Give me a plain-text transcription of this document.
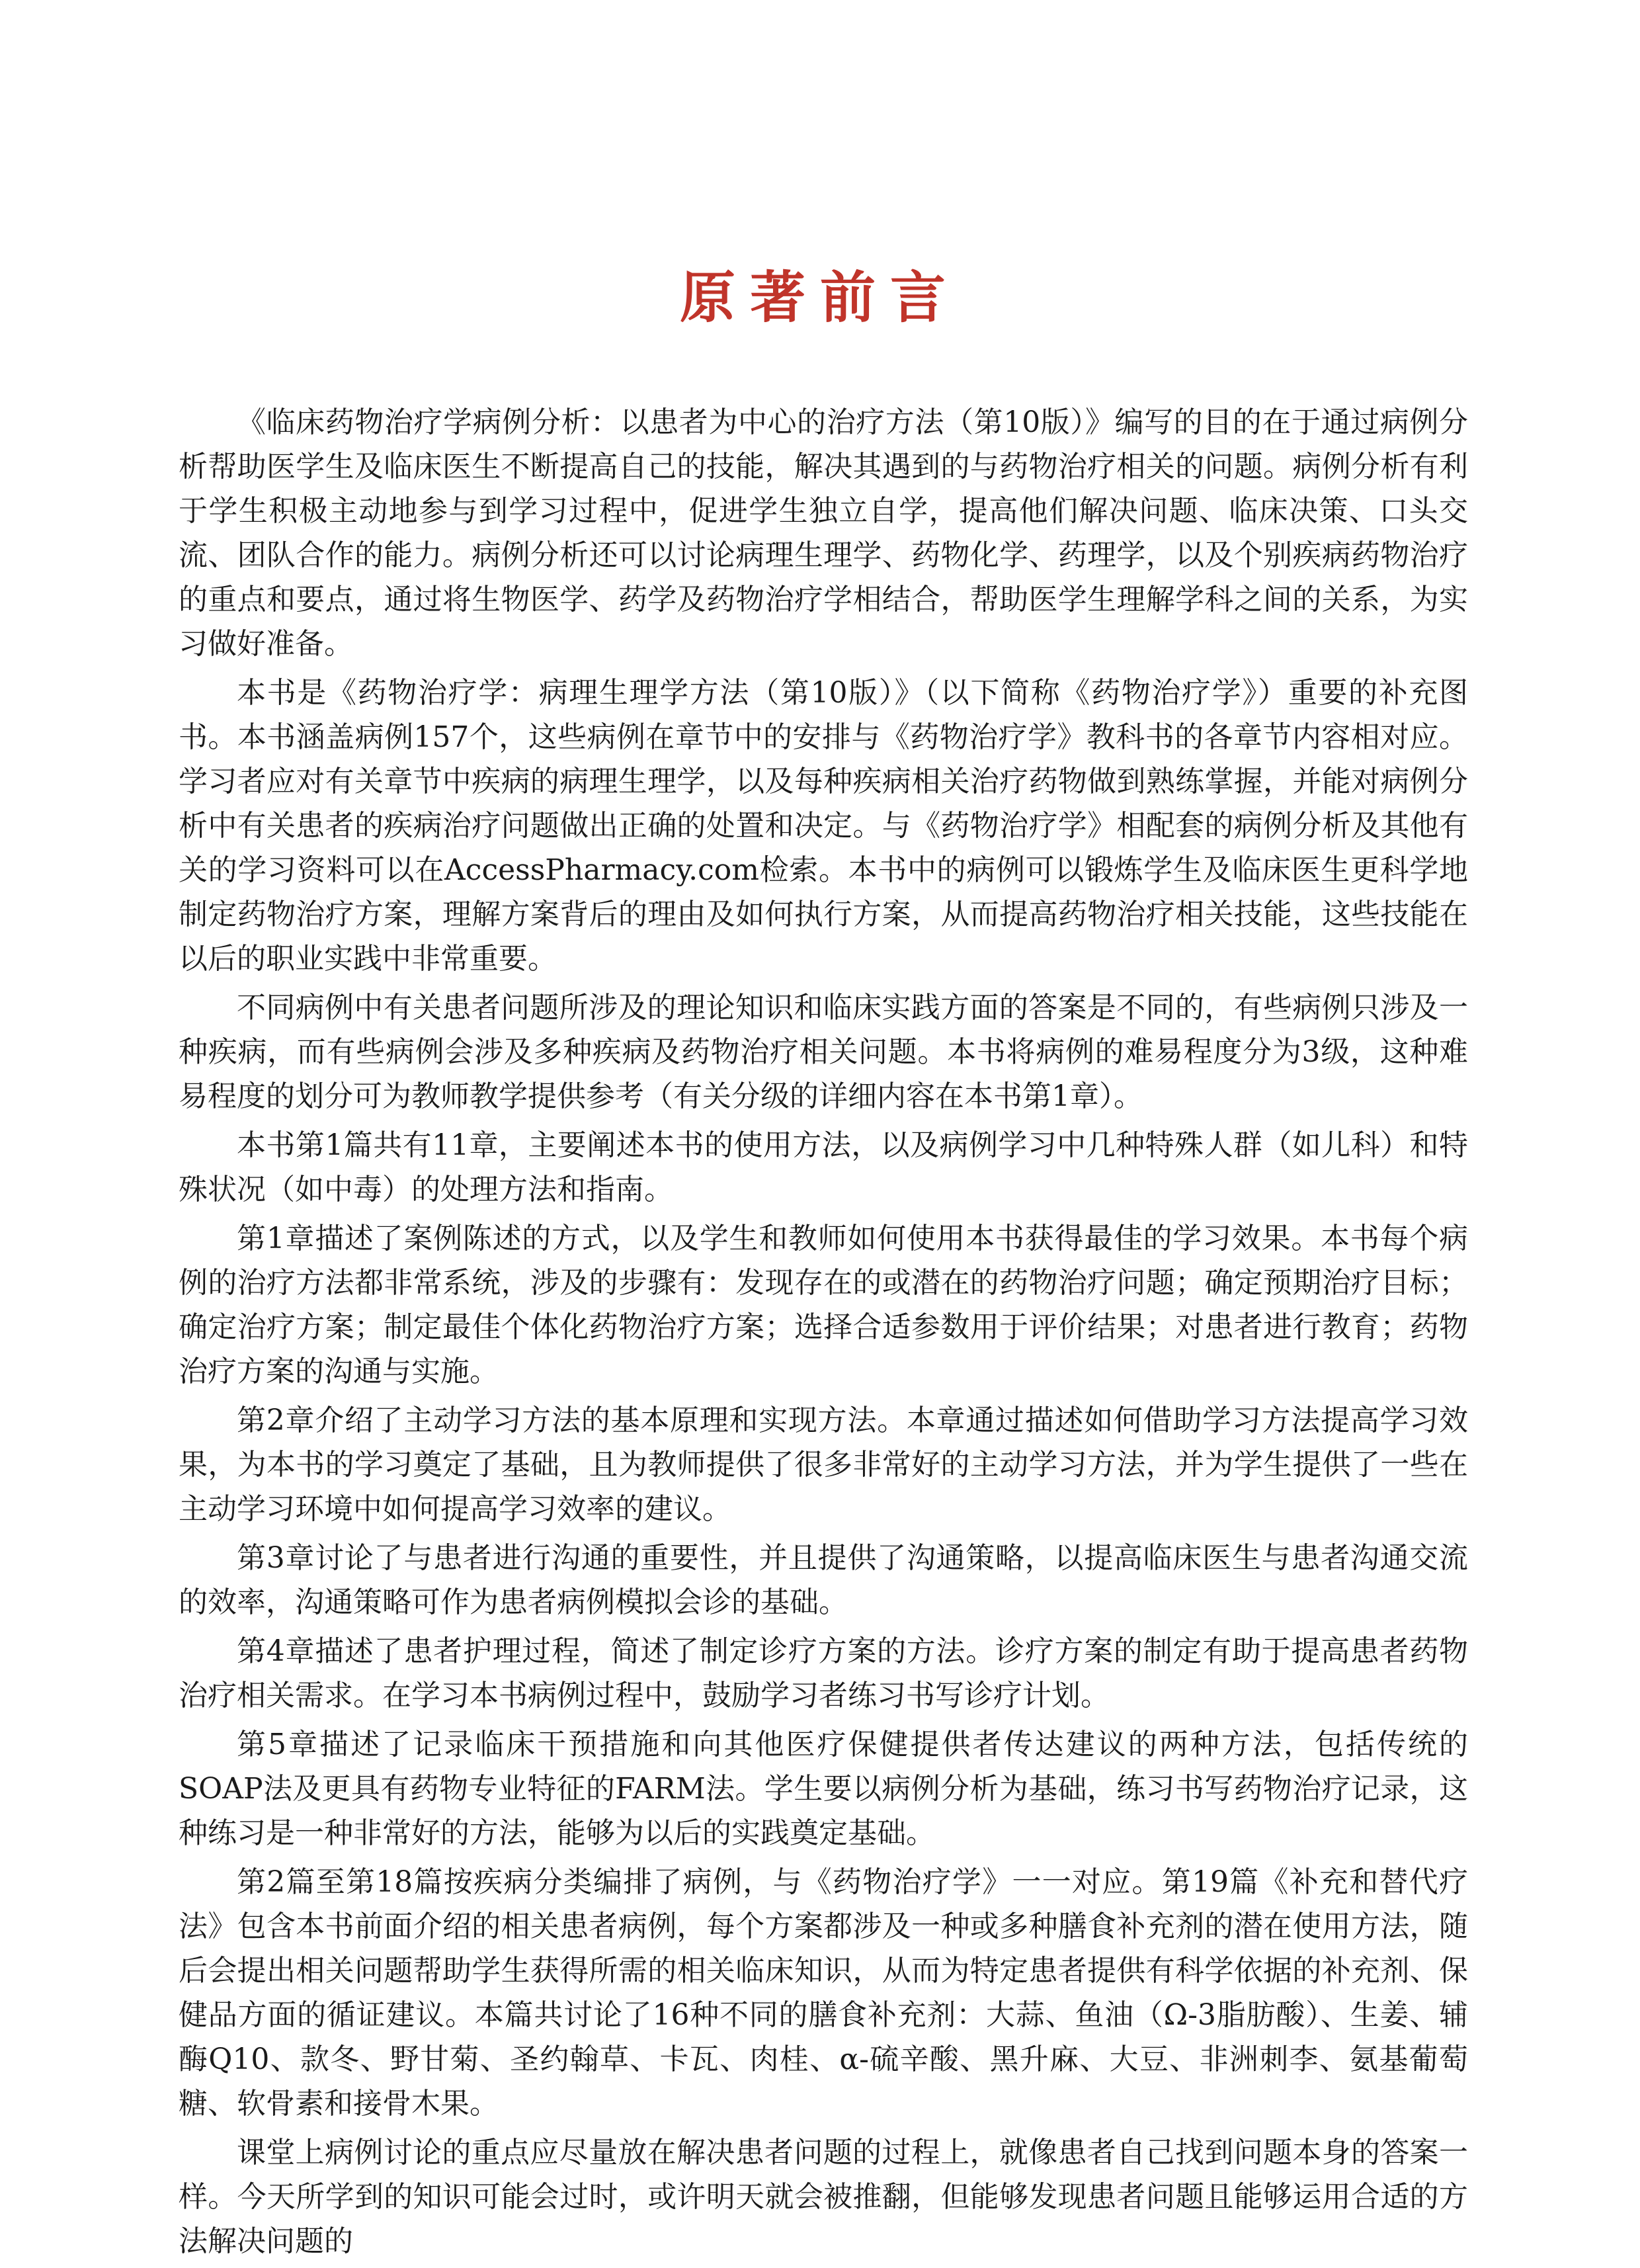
原著前言

《临床药物治疗学病例分析：以患者为中心的治疗方法（第10版）》编写的目的在于通过病例分析帮助医学生及临床医生不断提高自己的技能，解决其遇到的与药物治疗相关的问题。病例分析有利于学生积极主动地参与到学习过程中，促进学生独立自学，提高他们解决问题、临床决策、口头交流、团队合作的能力。病例分析还可以讨论病理生理学、药物化学、药理学，以及个别疾病药物治疗的重点和要点，通过将生物医学、药学及药物治疗学相结合，帮助医学生理解学科之间的关系，为实习做好准备。

本书是《药物治疗学：病理生理学方法（第10版）》（以下简称《药物治疗学》）重要的补充图书。本书涵盖病例157个，这些病例在章节中的安排与《药物治疗学》教科书的各章节内容相对应。学习者应对有关章节中疾病的病理生理学，以及每种疾病相关治疗药物做到熟练掌握，并能对病例分析中有关患者的疾病治疗问题做出正确的处置和决定。与《药物治疗学》相配套的病例分析及其他有关的学习资料可以在AccessPharmacy.com检索。本书中的病例可以锻炼学生及临床医生更科学地制定药物治疗方案，理解方案背后的理由及如何执行方案，从而提高药物治疗相关技能，这些技能在以后的职业实践中非常重要。

不同病例中有关患者问题所涉及的理论知识和临床实践方面的答案是不同的，有些病例只涉及一种疾病，而有些病例会涉及多种疾病及药物治疗相关问题。本书将病例的难易程度分为3级，这种难易程度的划分可为教师教学提供参考（有关分级的详细内容在本书第1章）。

本书第1篇共有11章，主要阐述本书的使用方法，以及病例学习中几种特殊人群（如儿科）和特殊状况（如中毒）的处理方法和指南。

第1章描述了案例陈述的方式，以及学生和教师如何使用本书获得最佳的学习效果。本书每个病例的治疗方法都非常系统，涉及的步骤有：发现存在的或潜在的药物治疗问题；确定预期治疗目标；确定治疗方案；制定最佳个体化药物治疗方案；选择合适参数用于评价结果；对患者进行教育；药物治疗方案的沟通与实施。

第2章介绍了主动学习方法的基本原理和实现方法。本章通过描述如何借助学习方法提高学习效果，为本书的学习奠定了基础，且为教师提供了很多非常好的主动学习方法，并为学生提供了一些在主动学习环境中如何提高学习效率的建议。

第3章讨论了与患者进行沟通的重要性，并且提供了沟通策略，以提高临床医生与患者沟通交流的效率，沟通策略可作为患者病例模拟会诊的基础。

第4章描述了患者护理过程，简述了制定诊疗方案的方法。诊疗方案的制定有助于提高患者药物治疗相关需求。在学习本书病例过程中，鼓励学习者练习书写诊疗计划。

第5章描述了记录临床干预措施和向其他医疗保健提供者传达建议的两种方法，包括传统的SOAP法及更具有药物专业特征的FARM法。学生要以病例分析为基础，练习书写药物治疗记录，这种练习是一种非常好的方法，能够为以后的实践奠定基础。

第2篇至第18篇按疾病分类编排了病例，与《药物治疗学》一一对应。第19篇《补充和替代疗法》包含本书前面介绍的相关患者病例，每个方案都涉及一种或多种膳食补充剂的潜在使用方法，随后会提出相关问题帮助学生获得所需的相关临床知识，从而为特定患者提供有科学依据的补充剂、保健品方面的循证建议。本篇共讨论了16种不同的膳食补充剂：大蒜、鱼油（Ω-3脂肪酸）、生姜、辅酶Q10、款冬、野甘菊、圣约翰草、卡瓦、肉桂、α-硫辛酸、黑升麻、大豆、非洲刺李、氨基葡萄糖、软骨素和接骨木果。

课堂上病例讨论的重点应尽量放在解决患者问题的过程上，就像患者自己找到问题本身的答案一样。今天所学到的知识可能会过时，或许明天就会被推翻，但能够发现患者问题且能够运用合适的方法解决问题的
